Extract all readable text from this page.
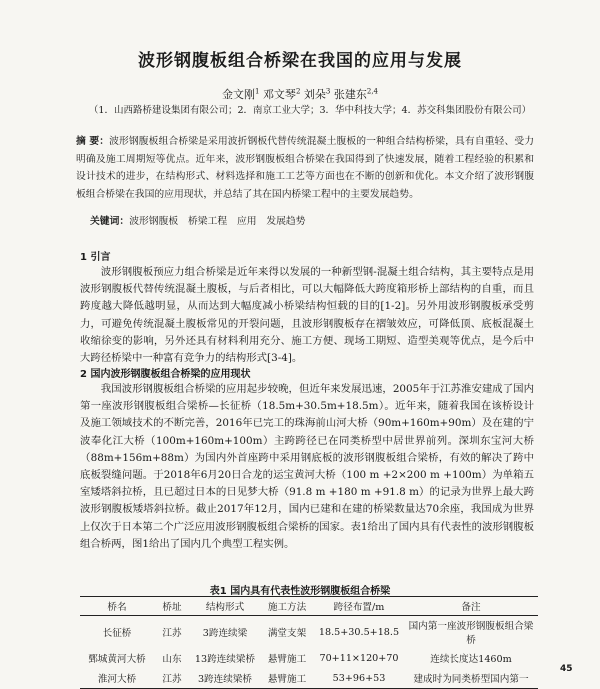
波形钢腹板组合桥梁在我国的应用与发展
金文刚$^1$ 邓文琴$^2$ 刘朵$^3$ 张建东$^{2,4}$
（1．山西路桥建设集团有限公司；2．南京工业大学；3．华中科技大学；4．苏交科集团股份有限公司）
摘 要：波形钢腹板组合桥梁是采用波折钢板代替传统混凝土腹板的一种组合结构桥梁，具有自重轻、受力明确及施工周期短等优点。近年来，波形钢腹板组合桥梁在我国得到了快速发展，随着工程经验的积累和设计技术的进步，在结构形式、材料选择和施工工艺等方面也在不断的创新和优化。本文介绍了波形钢腹板组合桥梁在我国的应用现状，并总结了其在国内桥梁工程中的主要发展趋势。
关键词：波形钢腹板　桥梁工程　应用　发展趋势
1 引言
波形钢腹板预应力组合桥梁是近年来得以发展的一种新型钢-混凝土组合结构，其主要特点是用波形钢腹板代替传统混凝土腹板，与后者相比，可以大幅降低大跨度箱形桥上部结构的自重，而且跨度越大降低越明显，从而达到大幅度减小桥梁结构恒载的目的[1-2]。另外用波形钢腹板承受剪力，可避免传统混凝土腹板常见的开裂问题，且波形钢腹板存在褶皱效应，可降低顶、底板混凝土收缩徐变的影响，另外还具有材料利用充分、施工方便、现场工期短、造型美观等优点，是今后中大跨径桥梁中一种富有竞争力的结构形式[3-4]。
2 国内波形钢腹板组合桥梁的应用现状
我国波形钢腹板组合桥梁的应用起步较晚，但近年来发展迅速，2005年于江苏淮安建成了国内第一座波形钢腹板组合梁桥—长征桥（18.5m+30.5m+18.5m）。近年来，随着我国在该桥设计及施工领域技术的不断完善，2016年已完工的珠海前山河大桥（90m+160m+90m）及在建的宁波奉化江大桥（100m+160m+100m）主跨跨径已在同类桥型中居世界前列。深圳东宝河大桥（88m+156m+88m）为国内外首座跨中采用钢底板的波形钢腹板组合梁桥，有效的解决了跨中底板裂缝问题。于2018年6月20日合龙的运宝黄河大桥（100 m +2×200 m +100m）为单箱五室矮塔斜拉桥，且已超过日本的日见梦大桥（91.8 m +180 m +91.8 m）的记录为世界上最大跨波形钢腹板矮塔斜拉桥。截止2017年12月，国内已建和在建的桥梁数量达70余座，我国成为世界上仅次于日本第二个广泛应用波形钢腹板组合梁桥的国家。表1给出了国内具有代表性的波形钢腹板组合桥两，图1给出了国内几个典型工程实例。
表1 国内具有代表性波形钢腹板组合桥梁
桥名	桥址	结构形式	施工方法	跨径布置/m	备注
长征桥	江苏	3跨连续梁	满堂支架	18.5+30.5+18.5	国内第一座波形钢腹板组合梁桥
鄄城黄河大桥	山东	13跨连续梁桥	悬臂施工	70+11×120+70	连续长度达1460m
淮河大桥	江苏	3跨连续梁桥	悬臂施工	53+96+53	建成时为同类桥型国内第一
45
